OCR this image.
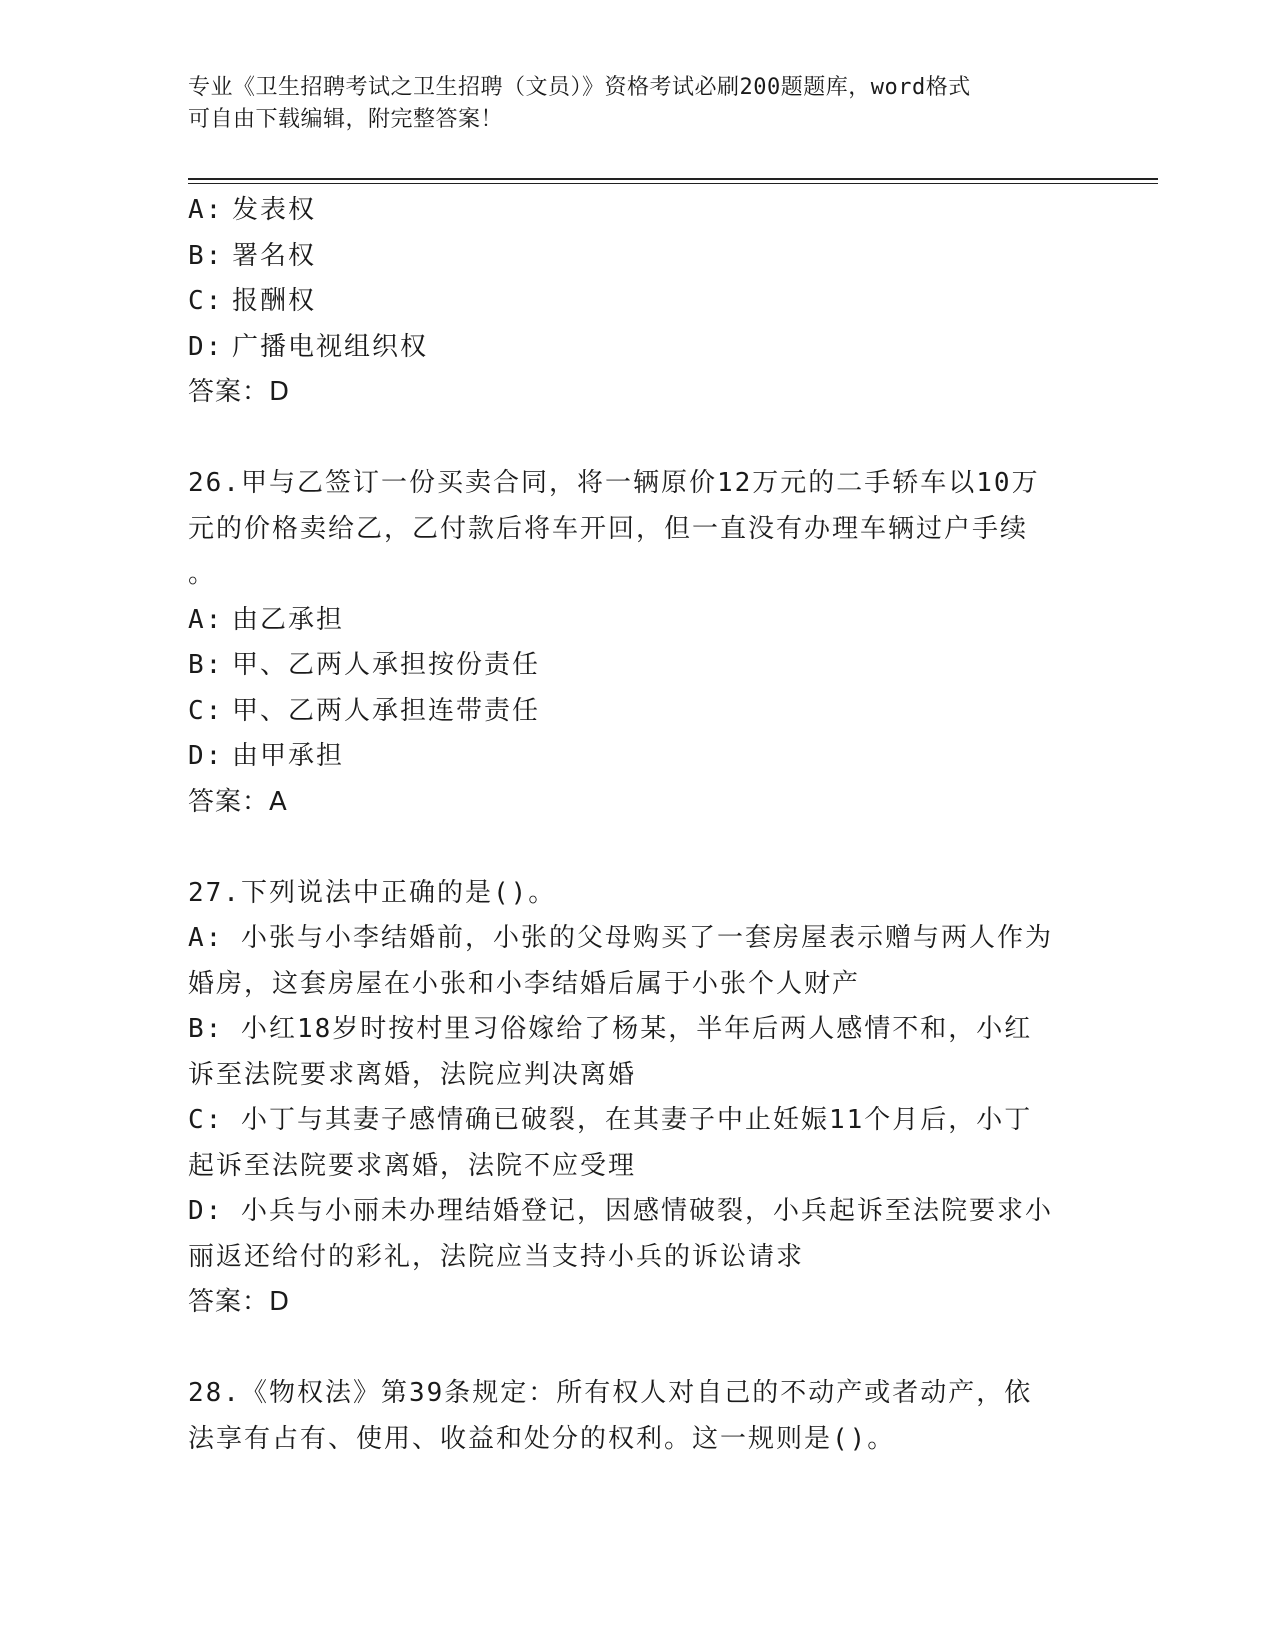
专业《卫生招聘考试之卫生招聘（文员）》资格考试必刷200题题库，word格式
可自由下载编辑，附完整答案！
A: 发表权
B: 署名权
C: 报酬权
D: 广播电视组织权
答案：D
26.甲与乙签订一份买卖合同，将一辆原价12万元的二手轿车以10万
元的价格卖给乙，乙付款后将车开回，但一直没有办理车辆过户手续
。
A: 由乙承担
B: 甲、乙两人承担按份责任
C: 甲、乙两人承担连带责任
D: 由甲承担
答案：A
27.下列说法中正确的是()。
A: 小张与小李结婚前，小张的父母购买了一套房屋表示赠与两人作为
婚房，这套房屋在小张和小李结婚后属于小张个人财产
B: 小红18岁时按村里习俗嫁给了杨某，半年后两人感情不和，小红
诉至法院要求离婚，法院应判决离婚
C: 小丁与其妻子感情确已破裂，在其妻子中止妊娠11个月后，小丁
起诉至法院要求离婚，法院不应受理
D: 小兵与小丽未办理结婚登记，因感情破裂，小兵起诉至法院要求小
丽返还给付的彩礼，法院应当支持小兵的诉讼请求
答案：D
28.《物权法》第39条规定：所有权人对自己的不动产或者动产，依
法享有占有、使用、收益和处分的权利。这一规则是()。
